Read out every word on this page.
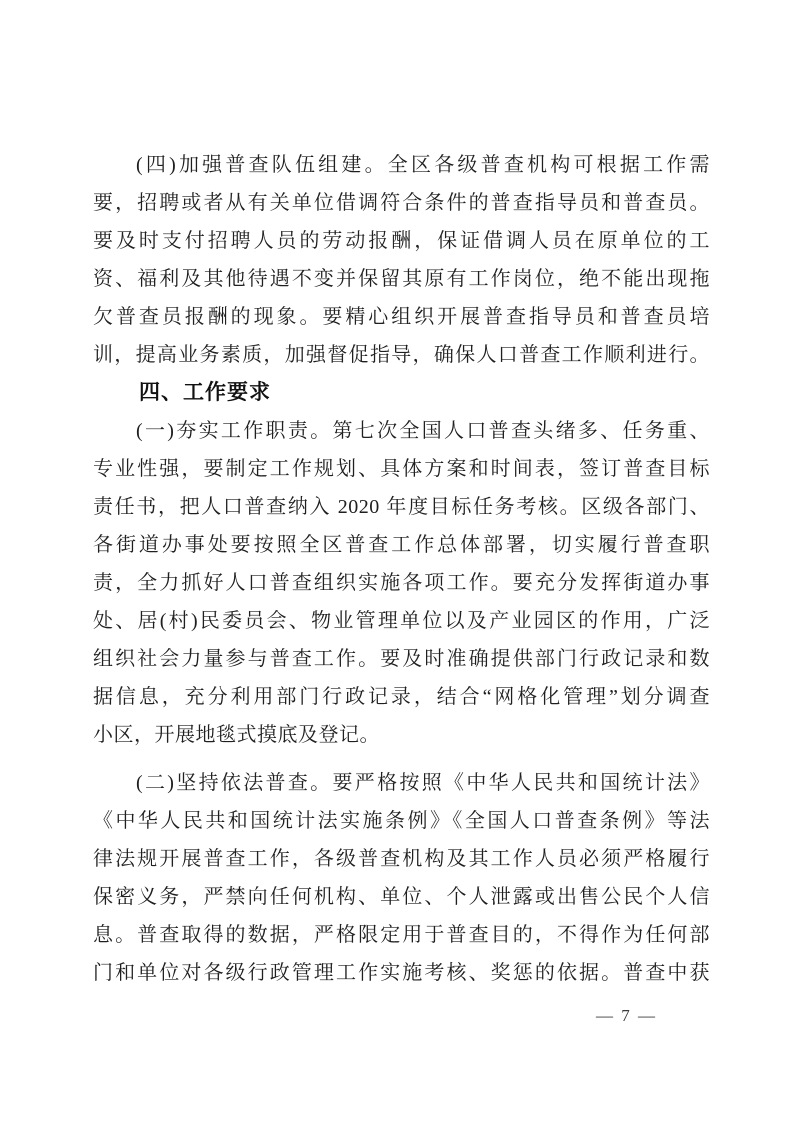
(四)加强普查队伍组建。全区各级普查机构可根据工作需
要，招聘或者从有关单位借调符合条件的普查指导员和普查员。
要及时支付招聘人员的劳动报酬，保证借调人员在原单位的工
资、福利及其他待遇不变并保留其原有工作岗位，绝不能出现拖
欠普查员报酬的现象。要精心组织开展普查指导员和普查员培
训，提高业务素质，加强督促指导，确保人口普查工作顺利进行。
四、工作要求
(一)夯实工作职责。第七次全国人口普查头绪多、任务重、
专业性强，要制定工作规划、具体方案和时间表，签订普查目标
责任书，把人口普查纳入 2020 年度目标任务考核。区级各部门、
各街道办事处要按照全区普查工作总体部署，切实履行普查职
责，全力抓好人口普查组织实施各项工作。要充分发挥街道办事
处、居(村)民委员会、物业管理单位以及产业园区的作用，广泛
组织社会力量参与普查工作。要及时准确提供部门行政记录和数
据信息，充分利用部门行政记录，结合“网格化管理”划分调查
小区，开展地毯式摸底及登记。
(二)坚持依法普查。要严格按照《中华人民共和国统计法》
《中华人民共和国统计法实施条例》《全国人口普查条例》等法
律法规开展普查工作，各级普查机构及其工作人员必须严格履行
保密义务，严禁向任何机构、单位、个人泄露或出售公民个人信
息。普查取得的数据，严格限定用于普查目的，不得作为任何部
门和单位对各级行政管理工作实施考核、奖惩的依据。普查中获
— 7 —
